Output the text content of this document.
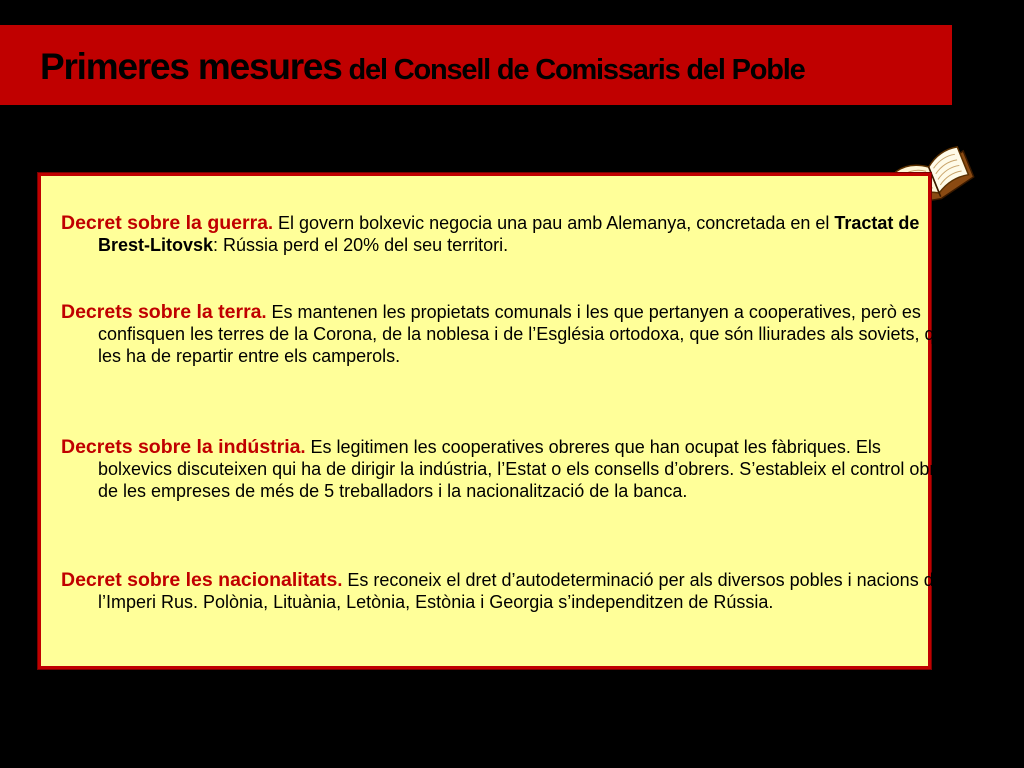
Primeres mesures del Consell de Comissaris del Poble

Decret sobre la guerra. El govern bolxevic negocia una pau amb Alemanya, concretada en el Tractat de Brest-Litovsk: Rússia perd el 20% del seu territori.

Decrets sobre la terra. Es mantenen les propietats comunals i les que pertanyen a cooperatives, però es confisquen les terres de la Corona, de la noblesa i de l’Església ortodoxa, que són lliurades als soviets, que les ha de repartir entre els camperols.

Decrets sobre la indústria. Es legitimen les cooperatives obreres que han ocupat les fàbriques. Els bolxevics discuteixen qui ha de dirigir la indústria, l’Estat o els consells d’obrers. S’estableix el control obrer de les empreses de més de 5 treballadors i la nacionalització de la banca.

Decret sobre les nacionalitats. Es reconeix el dret d’autodeterminació per als diversos pobles i nacions de l’Imperi Rus. Polònia, Lituània, Letònia, Estònia i Georgia s’independitzen de Rússia.
